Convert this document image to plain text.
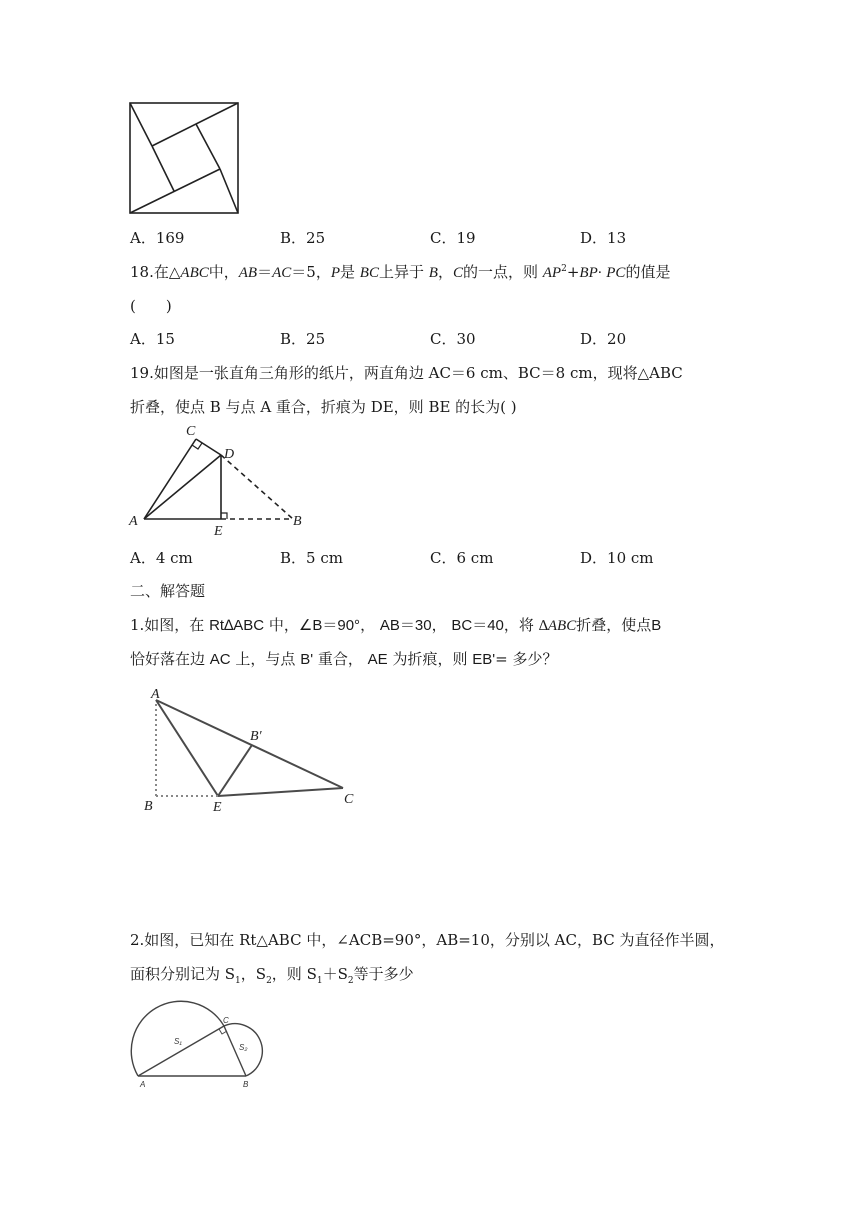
A．169	B．25	C．19	D．13
18.在△ABC中，AB＝AC＝5，P是 BC上异于 B，C的一点，则 $AP^2+BP\cdot$ PC的值是
(　　)
A．15	B．25	C．30	D．20
19.如图是一张直角三角形的纸片，两直角边 AC＝6 cm、BC＝8 cm，现将△ABC
折叠，使点 B 与点 A 重合，折痕为 DE，则 BE 的长为( )
C
D
A
E
B
A．4 cm	B．5 cm	C．6 cm	D．10 cm
二、解答题
1.如图，在 Rt∆ABC 中，∠B＝90°， AB＝30， BC＝40，将 ∆ABC折叠，使点B
恰好落在边 AC 上，与点 B' 重合， AE 为折痕，则 EB'= 多少？
A
B′
B	E
C
2.如图，已知在 Rt△ABC 中，∠ACB=90°，AB=10，分别以 AC，BC 为直径作半圆，
面积分别记为 $S_1$，$S_2$，则 $S_1+S_2$等于多少
A	B
C
S₁
S₂
